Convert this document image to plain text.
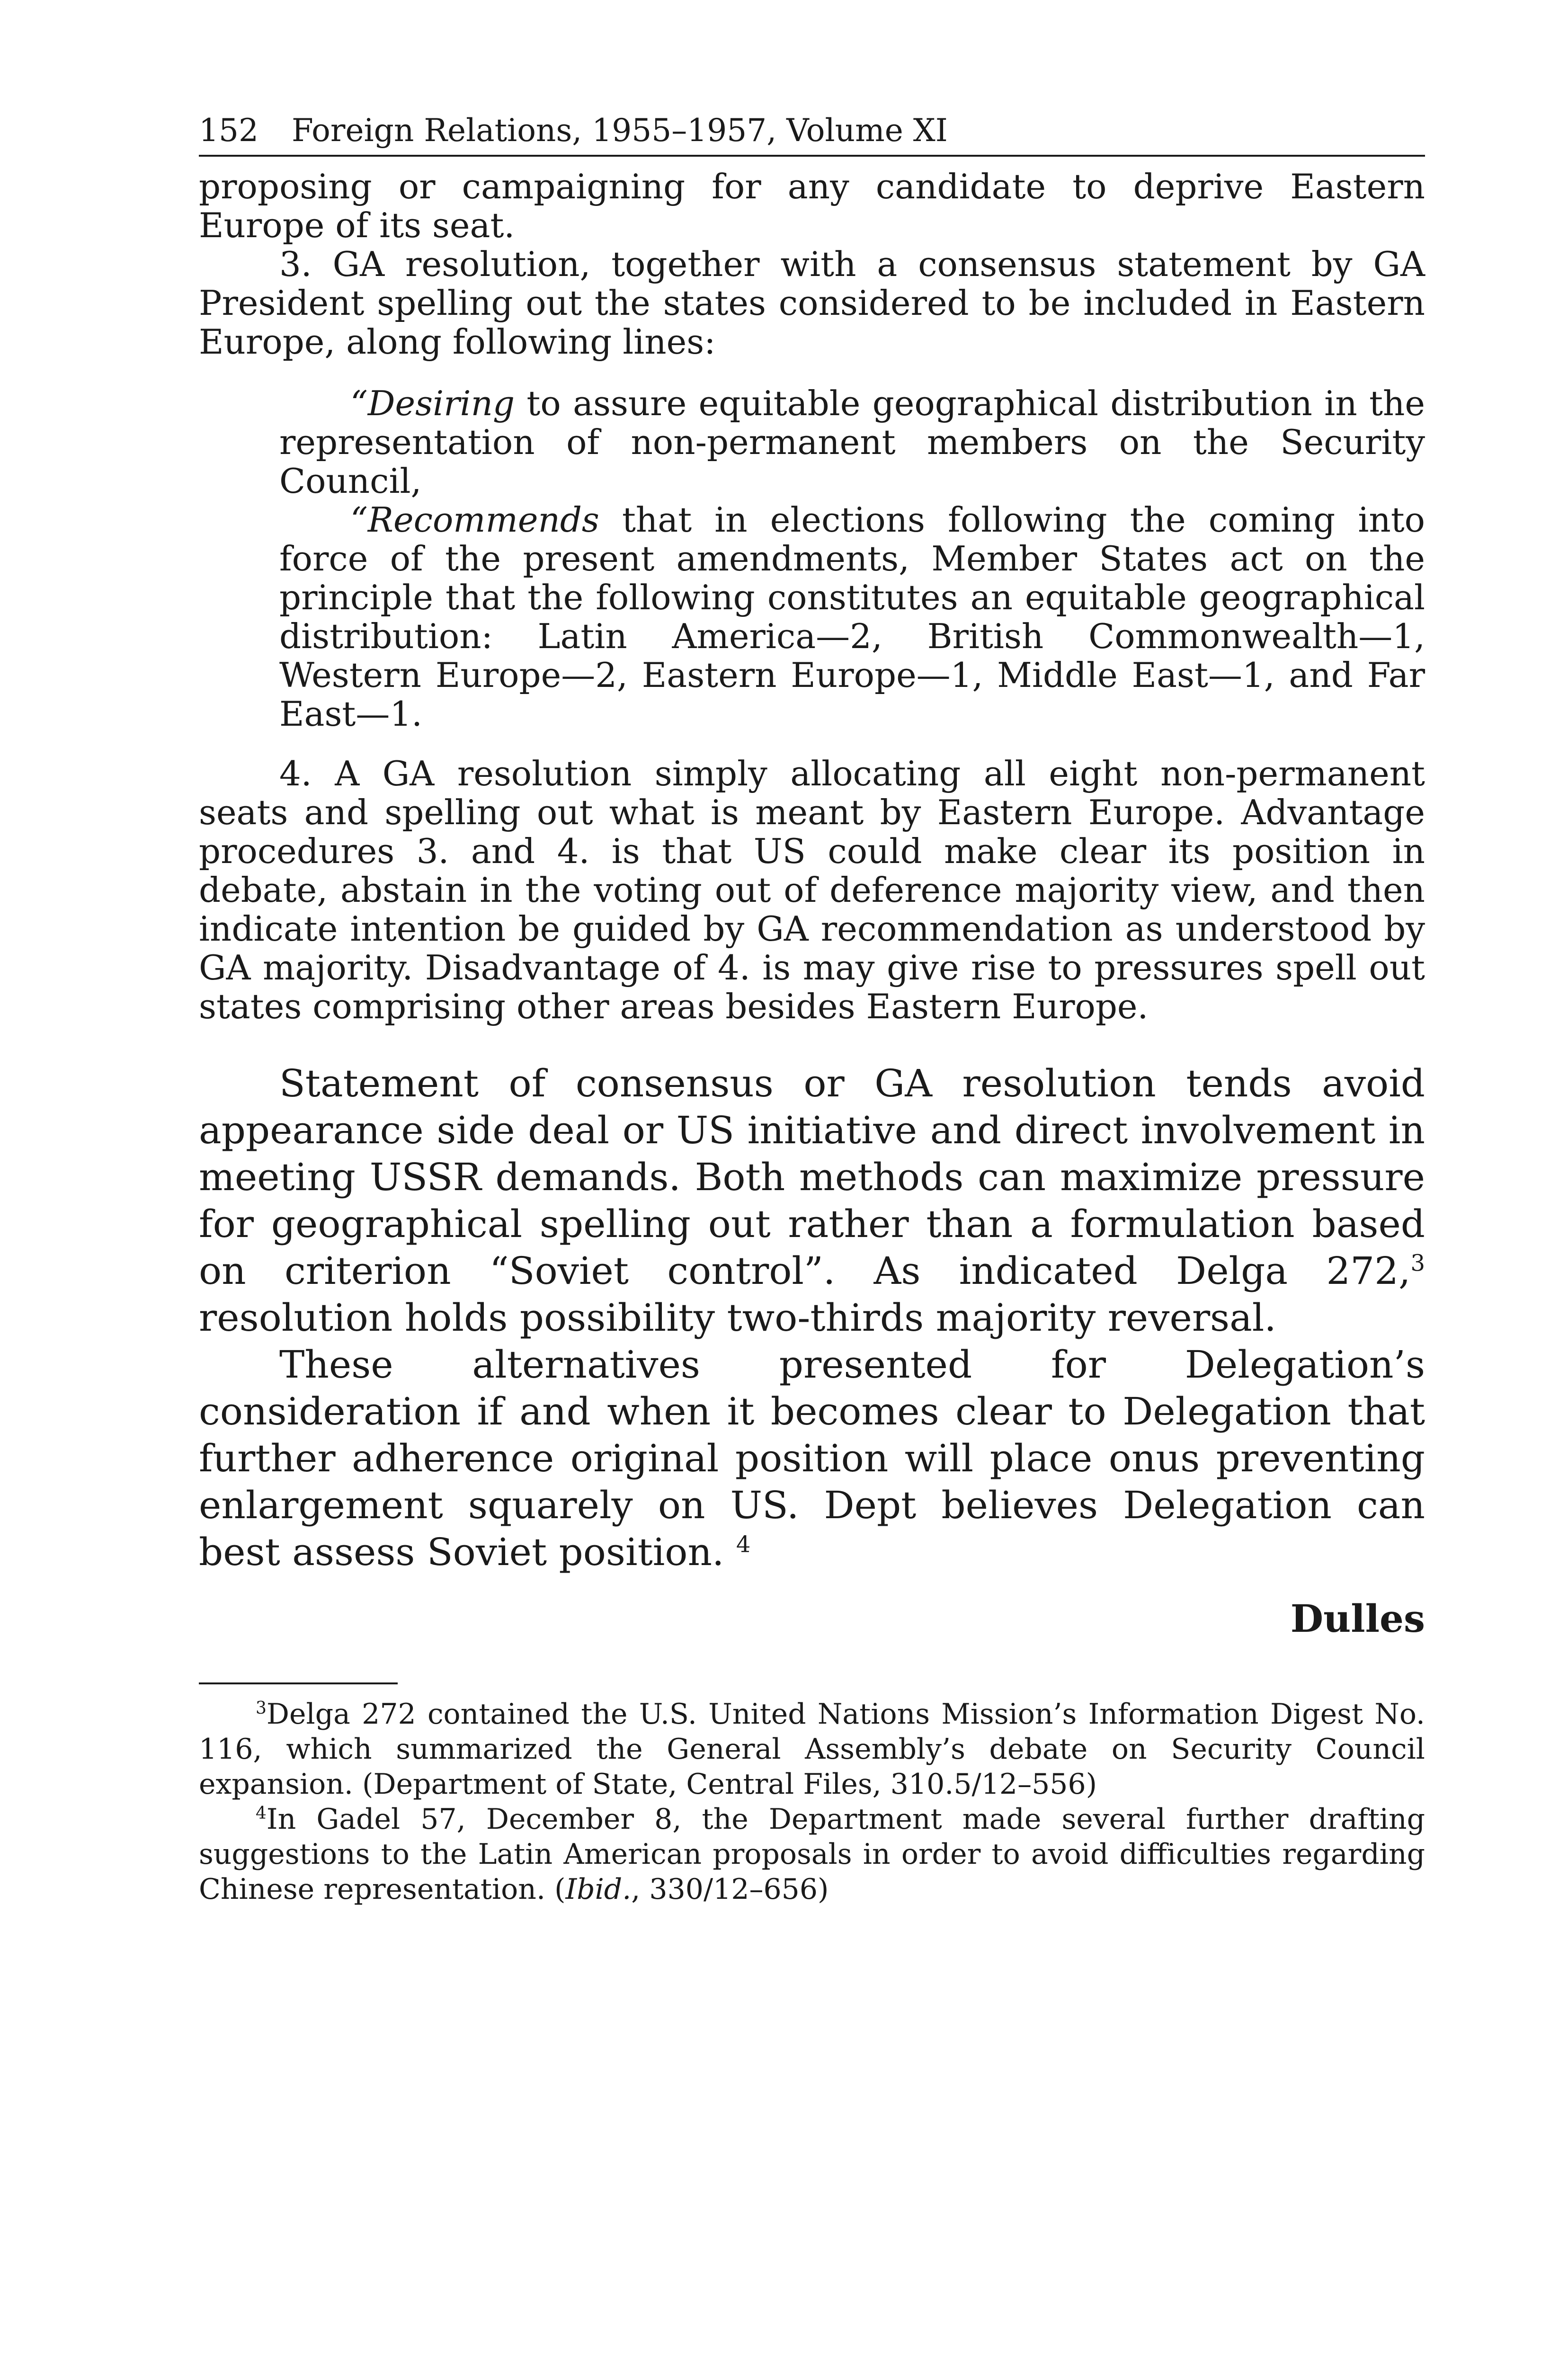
152 Foreign Relations, 1955–1957, Volume XI

proposing or campaigning for any candidate to deprive Eastern Europe of its seat.

3. GA resolution, together with a consensus statement by GA President spelling out the states considered to be included in Eastern Europe, along following lines:

“Desiring to assure equitable geographical distribution in the representation of non-permanent members on the Security Council,

“Recommends that in elections following the coming into force of the present amendments, Member States act on the principle that the following constitutes an equitable geographical distribution: Latin America—2, British Commonwealth—1, Western Europe—2, Eastern Europe—1, Middle East—1, and Far East—1.

4. A GA resolution simply allocating all eight non-permanent seats and spelling out what is meant by Eastern Europe. Advantage procedures 3. and 4. is that US could make clear its position in debate, abstain in the voting out of deference majority view, and then indicate intention be guided by GA recommendation as understood by GA majority. Disadvantage of 4. is may give rise to pressures spell out states comprising other areas besides Eastern Europe.

Statement of consensus or GA resolution tends avoid appearance side deal or US initiative and direct involvement in meeting USSR demands. Both methods can maximize pressure for geographical spelling out rather than a formulation based on criterion “Soviet control”. As indicated Delga 272,$^3$ resolution holds possibility two-thirds majority reversal.

These alternatives presented for Delegation’s consideration if and when it becomes clear to Delegation that further adherence original position will place onus preventing enlargement squarely on US. Dept believes Delegation can best assess Soviet position. $^4$

Dulles

$^3$Delga 272 contained the U.S. United Nations Mission’s Information Digest No. 116, which summarized the General Assembly’s debate on Security Council expansion. (Department of State, Central Files, 310.5/12–556)

$^4$In Gadel 57, December 8, the Department made several further drafting suggestions to the Latin American proposals in order to avoid difficulties regarding Chinese representation. (Ibid., 330/12–656)
